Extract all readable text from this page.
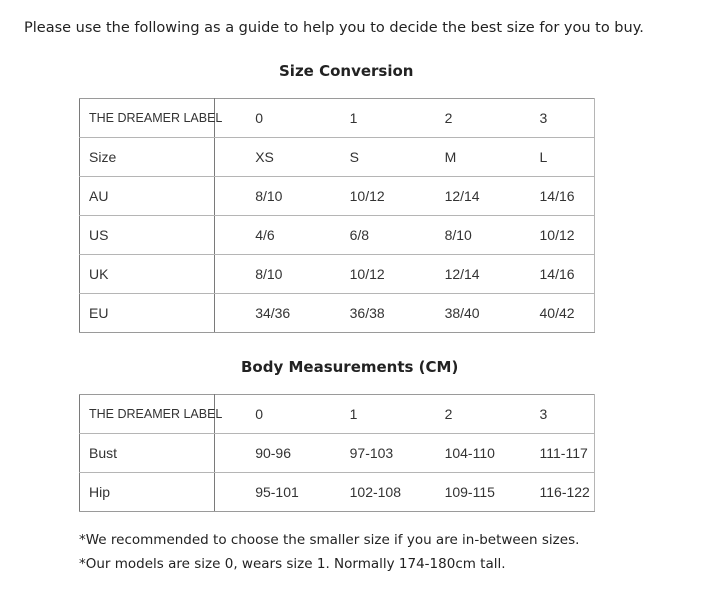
Please use the following as a guide to help you to decide the best size for you to buy.
Size Conversion
THE DREAMER LABEL	0	1	2	3
Size	XS	S	M	L
AU	8/10	10/12	12/14	14/16
US	4/6	6/8	8/10	10/12
UK	8/10	10/12	12/14	14/16
EU	34/36	36/38	38/40	40/42
Body Measurements (CM)
THE DREAMER LABEL	0	1	2	3
Bust	90-96	97-103	104-110	111-117
Hip	95-101	102-108	109-115	116-122
*We recommended to choose the smaller size if you are in-between sizes.
*Our models are size 0, wears size 1. Normally 174-180cm tall.
